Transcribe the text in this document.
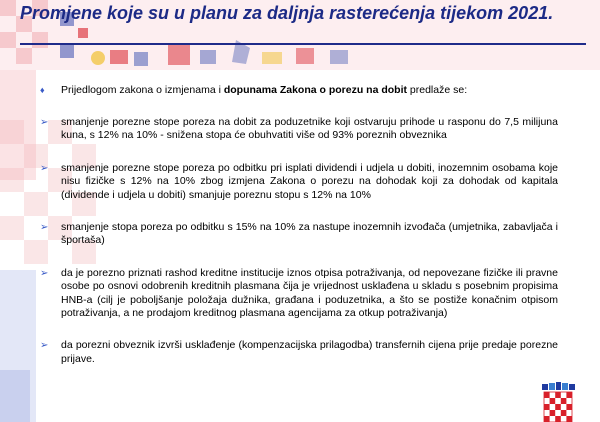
Promjene koje su u planu za daljnja rasterećenja tijekom 2021.
♦ Prijedlogom zakona o izmjenama i dopunama Zakona o porezu na dobit predlaže se:
➢ smanjenje porezne stope poreza na dobit za poduzetnike koji ostvaruju prihode u rasponu do 7,5 milijuna kuna, s 12% na 10% - snižena stopa će obuhvatiti više od 93% poreznih obveznika
➢ smanjenje porezne stope poreza po odbitku pri isplati dividendi i udjela u dobiti, inozemnim osobama koje nisu fizičke s 12% na 10% zbog izmjena Zakona o porezu na dohodak koji za dohodak od kapitala (dividende i udjela u dobiti) smanjuje poreznu stopu s 12% na 10%
➢ smanjenje stopa poreza po odbitku s 15% na 10% za nastupe inozemnih izvođača (umjetnika, zabavljača i športaša)
➢ da je porezno priznati rashod kreditne institucije iznos otpisa potraživanja, od nepovezane fizičke ili pravne osobe po osnovi odobrenih kreditnih plasmana čija je vrijednost usklađena u skladu s posebnim propisima HNB-a (cilj je poboljšanje položaja dužnika, građana i poduzetnika, a što se postiže konačnim otpisom potraživanja, a ne prodajom kreditnog plasmana agencijama za otkup potraživanja)
➢ da porezni obveznik izvrši usklađenje (kompenzacijska prilagodba) transfernih cijena prije predaje porezne prijave.
